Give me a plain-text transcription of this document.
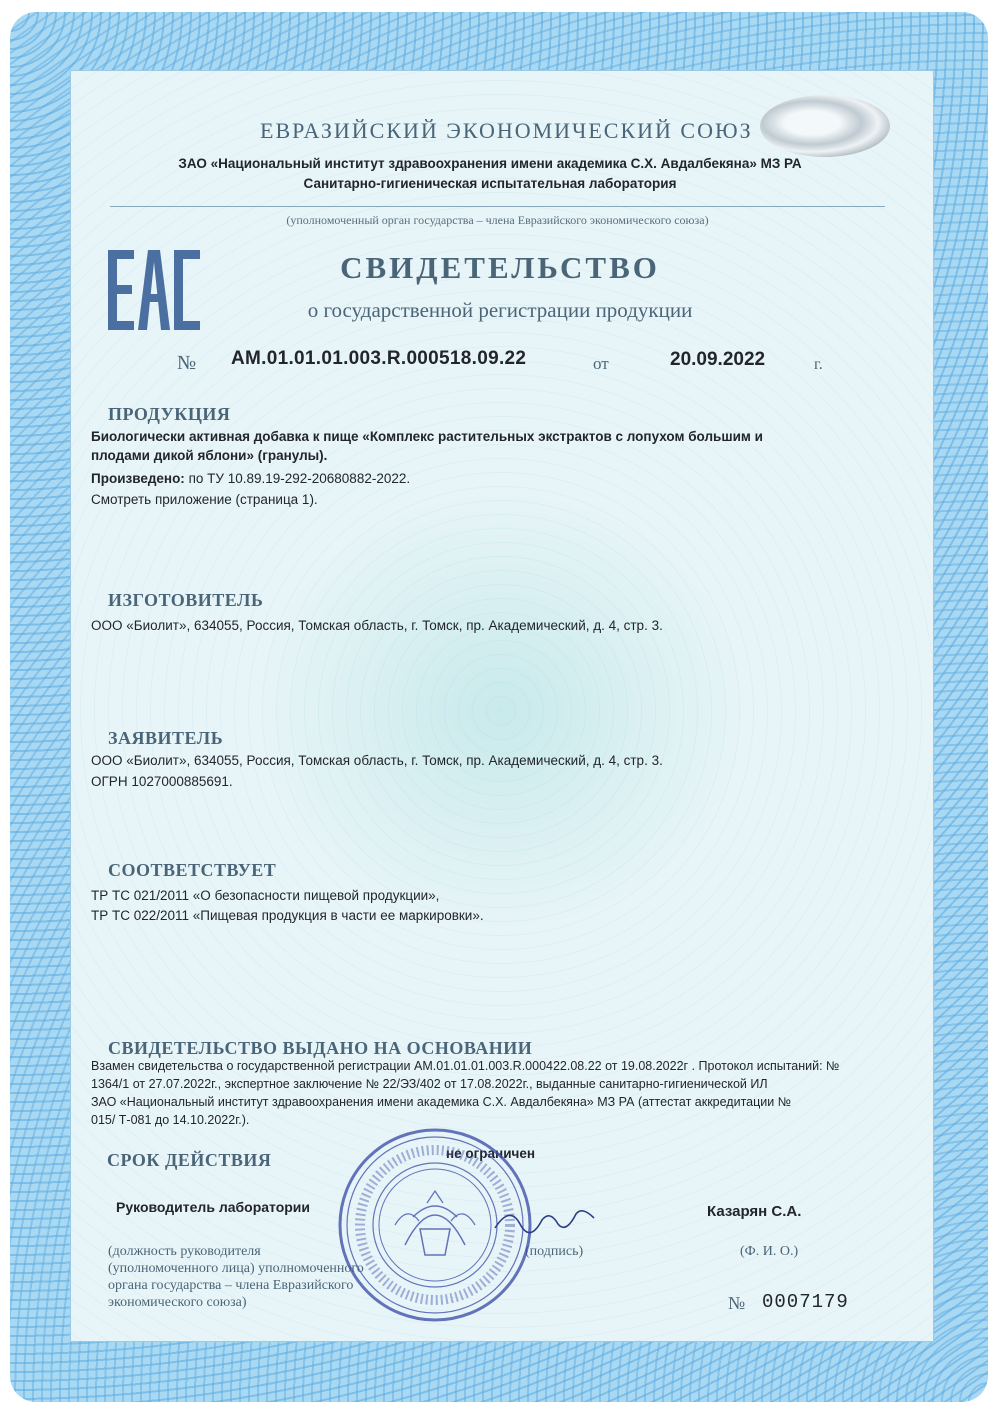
ЕВРАЗИЙСКИЙ ЭКОНОМИЧЕСКИЙ СОЮЗ
ЗАО «Национальный институт здравоохранения имени академика С.Х. Авдалбекяна» МЗ РА
Санитарно-гигиеническая испытательная лаборатория
(уполномоченный орган государства – члена Евразийского экономического союза)
СВИДЕТЕЛЬСТВО
о государственной регистрации продукции
№ AM.01.01.01.003.R.000518.09.22	от	20.09.2022	г.
ПРОДУКЦИЯ
Биологически активная добавка к пище «Комплекс растительных экстрактов с лопухом большим и
плодами дикой яблони» (гранулы).
Произведено: по ТУ 10.89.19-292-20680882-2022.
Смотреть приложение (страница 1).
ИЗГОТОВИТЕЛЬ
ООО «Биолит», 634055, Россия, Томская область, г. Томск, пр. Академический, д. 4, стр. 3.
ЗАЯВИТЕЛЬ
ООО «Биолит», 634055, Россия, Томская область, г. Томск, пр. Академический, д. 4, стр. 3.
ОГРН 1027000885691.
СООТВЕТСТВУЕТ
ТР ТС 021/2011 «О безопасности пищевой продукции»,
ТР ТС 022/2011 «Пищевая продукция в части ее маркировки».
СВИДЕТЕЛЬСТВО ВЫДАНО НА ОСНОВАНИИ
Взамен свидетельства о государственной регистрации AM.01.01.01.003.R.000422.08.22 от 19.08.2022г . Протокол испытаний: №
1364/1 от 27.07.2022г., экспертное заключение № 22/ЭЗ/402 от 17.08.2022г., выданные санитарно-гигиенической ИЛ
ЗАО «Национальный институт здравоохранения имени академика С.Х. Авдалбекяна» МЗ РА (аттестат аккредитации №
015/ Т-081 до 14.10.2022г.).
СРОК ДЕЙСТВИЯ	не ограничен
Руководитель лаборатории	Казарян С.А.
(должность руководителя
(уполномоченного лица) уполномоченного
органа государства – члена Евразийского
экономического союза)
(подпись)	(Ф. И. О.)
№ 0007179
